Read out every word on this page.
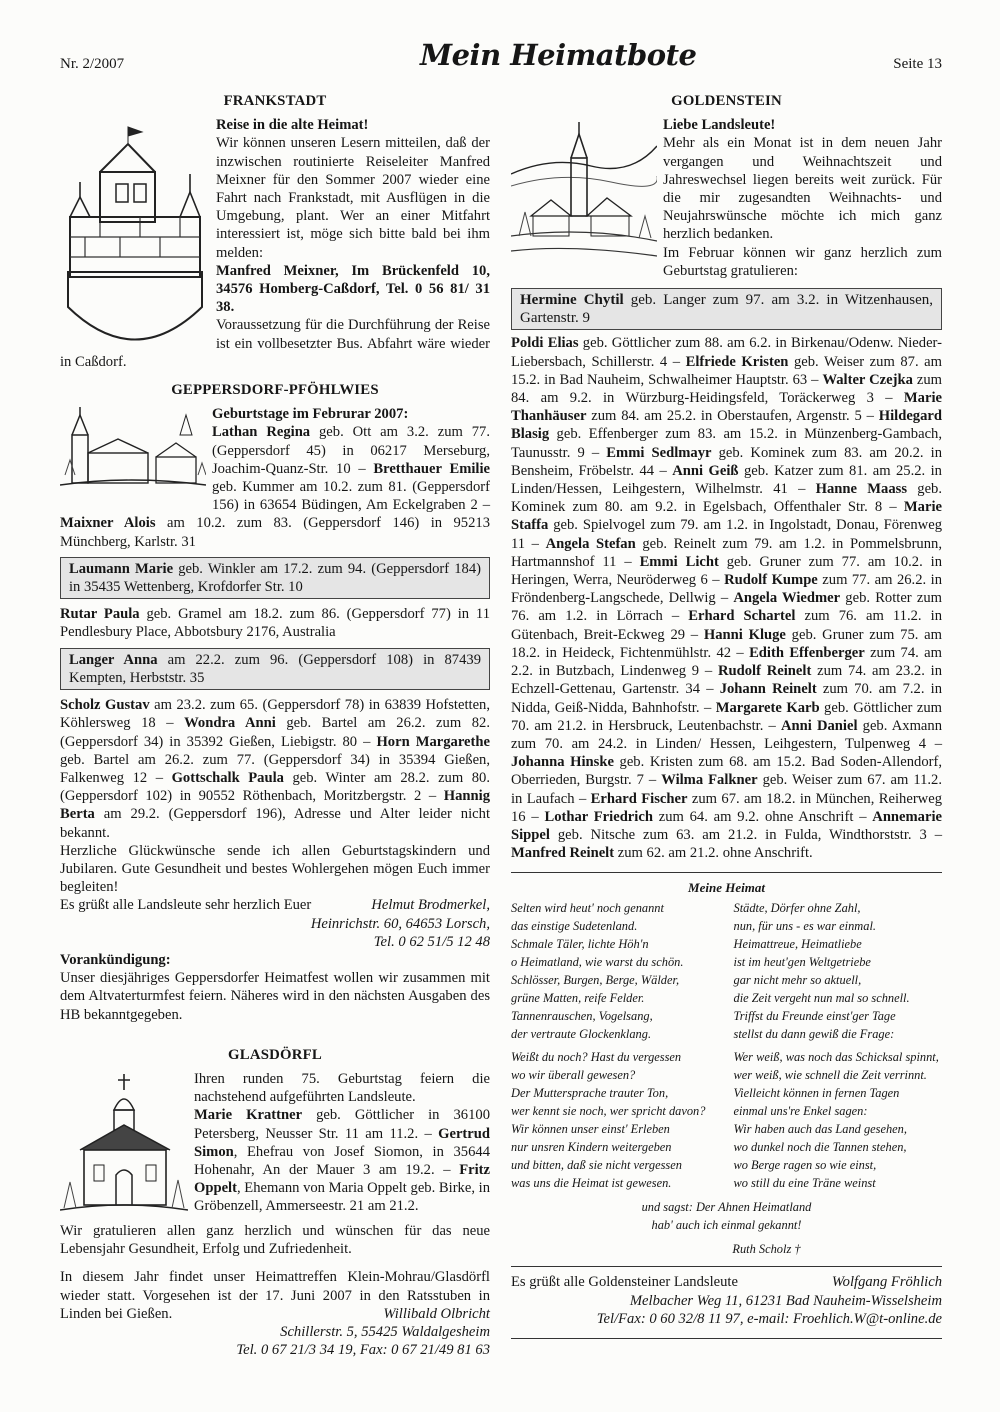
Nr. 2/2007	Mein Heimatbote	Seite 13
FRANKSTADT

Reise in die alte Heimat!

Wir können unseren Lesern mitteilen, daß der inzwischen routinierte Reiseleiter Manfred Meixner für den Sommer 2007 wieder eine Fahrt nach Frankstadt, mit Ausflügen in die Umgebung, plant. Wer an einer Mitfahrt interessiert ist, möge sich bitte bald bei ihm melden:

Manfred Meixner, Im Brückenfeld 10, 34576 Homberg-Caßdorf, Tel. 0 56 81/ 31 38.

Voraussetzung für die Durchführung der Reise ist ein vollbesetzter Bus. Abfahrt wäre wieder in Caßdorf.

GEPPERSDORF-PFÖHLWIES

Geburtstage im Februrar 2007:

Lathan Regina geb. Ott am 3.2. zum 77. (Geppersdorf 45) in 06217 Merseburg, Joachim-Quanz-Str. 10 – Bretthauer Emilie geb. Kummer am 10.2. zum 81. (Geppersdorf 156) in 63654 Büdingen, Am Eckelgraben 2 – Maixner Alois am 10.2. zum 83. (Geppersdorf 146) in 95213 Münchberg, Karlstr. 31

Laumann Marie geb. Winkler am 17.2. zum 94. (Geppersdorf 184) in 35435 Wettenberg, Krofdorfer Str. 10

Rutar Paula geb. Gramel am 18.2. zum 86. (Geppersdorf 77) in 11 Pendlesbury Place, Abbotsbury 2176, Australia

Langer Anna am 22.2. zum 96. (Geppersdorf 108) in 87439 Kempten, Herbststr. 35

Scholz Gustav am 23.2. zum 65. (Geppersdorf 78) in 63839 Hofstetten, Köhlersweg 18 – Wondra Anni geb. Bartel am 26.2. zum 82. (Geppersdorf 34) in 35392 Gießen, Liebigstr. 80 – Horn Margarethe geb. Bartel am 26.2. zum 77. (Geppersdorf 34) in 35394 Gießen, Falkenweg 12 – Gottschalk Paula geb. Winter am 28.2. zum 80. (Geppersdorf 102) in 90552 Röthenbach, Moritzbergstr. 2 – Hannig Berta am 29.2. (Geppersdorf 196), Adresse und Alter leider nicht bekannt.

Herzliche Glückwünsche sende ich allen Geburtstagskindern und Jubilaren. Gute Gesundheit und bestes Wohlergehen mögen Euch immer begleiten!

Es grüßt alle Landsleute sehr herzlich Euer	Helmut Brodmerkel,

Heinrichstr. 60, 64653 Lorsch,

Tel. 0 62 51/5 12 48

Vorankündigung:

Unser diesjähriges Geppersdorfer Heimatfest wollen wir zusammen mit dem Altvaterturmfest feiern. Näheres wird in den nächsten Ausgaben des HB bekanntgegeben.

GLASDÖRFL

Ihren runden 75. Geburtstag feiern die nachstehend aufgeführten Landsleute.

Marie Krattner geb. Göttlicher in 36100 Petersberg, Neusser Str. 11 am 11.2. – Gertrud Simon, Ehefrau von Josef Siomon, in 35644 Hohenahr, An der Mauer 3 am 19.2. – Fritz Oppelt, Ehemann von Maria Oppelt geb. Birke, in Gröbenzell, Ammerseestr. 21 am 21.2.

Wir gratulieren allen ganz herzlich und wünschen für das neue Lebensjahr Gesundheit, Erfolg und Zufriedenheit.

In diesem Jahr findet unser Heimattreffen Klein-Mohrau/Glasdörfl wieder statt. Vorgesehen ist der 17. Juni 2007 in den Ratsstuben in Linden bei Gießen.	Willibald Olbricht

Schillerstr. 5, 55425 Waldalgesheim

Tel. 0 67 21/3 34 19, Fax: 0 67 21/49 81 63

GOLDENSTEIN

Liebe Landsleute!

Mehr als ein Monat ist in dem neuen Jahr vergangen und Weihnachtszeit und Jahreswechsel liegen bereits weit zurück. Für die mir zugesandten Weihnachts- und Neujahrswünsche möchte ich mich ganz herzlich bedanken.

Im Februar können wir ganz herzlich zum Geburtstag gratulieren:

Hermine Chytil geb. Langer zum 97. am 3.2. in Witzenhausen, Gartenstr. 9

Poldi Elias geb. Göttlicher zum 88. am 6.2. in Birkenau/Odenw. Nieder-Liebersbach, Schillerstr. 4 – Elfriede Kristen geb. Weiser zum 87. am 15.2. in Bad Nauheim, Schwalheimer Hauptstr. 63 – Walter Czejka zum 84. am 9.2. in Würzburg-Heidingsfeld, Toräckerweg 3 – Marie Thanhäuser zum 84. am 25.2. in Oberstaufen, Argenstr. 5 – Hildegard Blasig geb. Effenberger zum 83. am 15.2. in Münzenberg-Gambach, Taunusstr. 9 – Emmi Sedlmayr geb. Kominek zum 83. am 20.2. in Bensheim, Fröbelstr. 44 – Anni Geiß geb. Katzer zum 81. am 25.2. in Linden/Hessen, Leihgestern, Wilhelmstr. 41 – Hanne Maass geb. Kominek zum 80. am 9.2. in Egelsbach, Offenthaler Str. 8 – Marie Staffa geb. Spielvogel zum 79. am 1.2. in Ingolstadt, Donau, Förenweg 11 – Angela Stefan geb. Reinelt zum 79. am 1.2. in Pommelsbrunn, Hartmannshof 11 – Emmi Licht geb. Gruner zum 77. am 10.2. in Heringen, Werra, Neuröderweg 6 – Rudolf Kumpe zum 77. am 26.2. in Fröndenberg-Langschede, Dellwig – Angela Wiedmer geb. Rotter zum 76. am 1.2. in Lörrach – Erhard Schartel zum 76. am 11.2. in Gütenbach, Breit-Eckweg 29 – Hanni Kluge geb. Gruner zum 75. am 18.2. in Heideck, Fichtenmühlstr. 42 – Edith Effenberger zum 74. am 2.2. in Butzbach, Lindenweg 9 – Rudolf Reinelt zum 74. am 23.2. in Echzell-Gettenau, Gartenstr. 34 – Johann Reinelt zum 70. am 7.2. in Nidda, Geiß-Nidda, Bahnhofstr. – Margarete Karb geb. Göttlicher zum 70. am 21.2. in Hersbruck, Leutenbachstr. – Anni Daniel geb. Axmann zum 70. am 24.2. in Linden/ Hessen, Leihgestern, Tulpenweg 4 – Johanna Hinske geb. Kristen zum 68. am 15.2. Bad Soden-Allendorf, Oberrieden, Burgstr. 7 – Wilma Falkner geb. Weiser zum 67. am 11.2. in Laufach – Erhard Fischer zum 67. am 18.2. in München, Reiherweg 16 – Lothar Friedrich zum 64. am 9.2. ohne Anschrift – Annemarie Sippel geb. Nitsche zum 63. am 21.2. in Fulda, Windthorststr. 3 – Manfred Reinelt zum 62. am 21.2. ohne Anschrift.

Meine Heimat
Selten wird heut' noch genannt
das einstige Sudetenland.
Schmale Täler, lichte Höh'n
o Heimatland, wie warst du schön.
Schlösser, Burgen, Berge, Wälder,
grüne Matten, reife Felder.
Tannenrauschen, Vogelsang,
der vertraute Glockenklang.
Städte, Dörfer ohne Zahl,
nun, für uns - es war einmal.
Heimattreue, Heimatliebe
ist im heut'gen Weltgetriebe
gar nicht mehr so aktuell,
die Zeit vergeht nun mal so schnell.
Triffst du Freunde einst'ger Tage
stellst du dann gewiß die Frage:
Weißt du noch? Hast du vergessen
wo wir überall gewesen?
Der Muttersprache trauter Ton,
wer kennt sie noch, wer spricht davon?
Wir können unser einst' Erleben
nur unsren Kindern weitergeben
und bitten, daß sie nicht vergessen
was uns die Heimat ist gewesen.
Wer weiß, was noch das Schicksal spinnt,
wer weiß, wie schnell die Zeit verrinnt.
Vielleicht können in fernen Tagen
einmal uns're Enkel sagen:
Wir haben auch das Land gesehen,
wo dunkel noch die Tannen stehen,
wo Berge ragen so wie einst,
wo still du eine Träne weinst
und sagst: Der Ahnen Heimatland
hab' auch ich einmal gekannt!
Ruth Scholz †

Es grüßt alle Goldensteiner Landsleute	Wolfgang Fröhlich

Melbacher Weg 11, 61231 Bad Nauheim-Wisselsheim

Tel/Fax: 0 60 32/8 11 97, e-mail: Froehlich.W@t-online.de
